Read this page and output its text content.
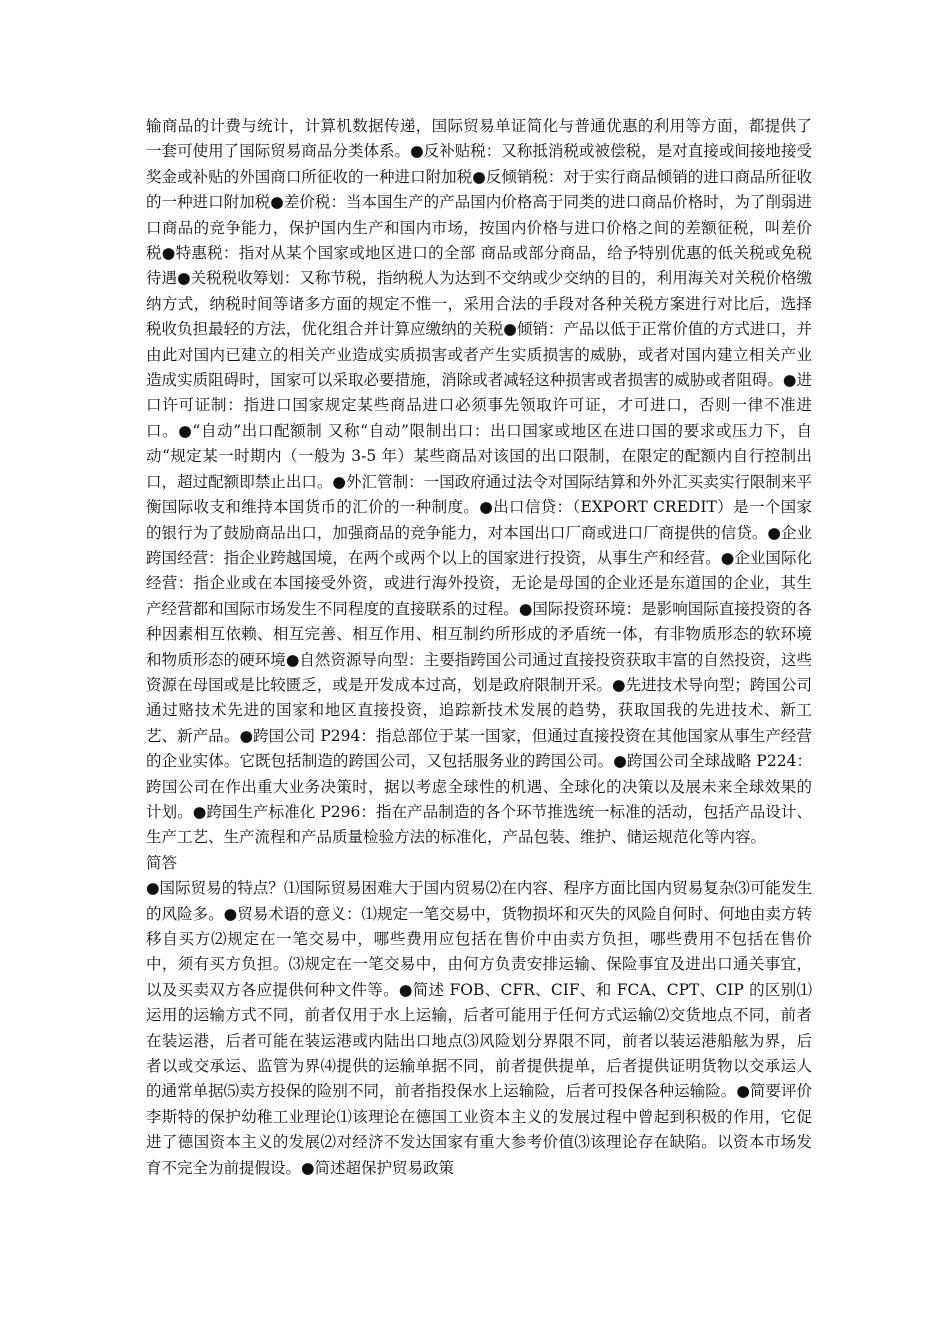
输商品的计费与统计，计算机数据传递，国际贸易单证简化与普通优惠的利用等方面，都提供了一套可使用了国际贸易商品分类体系。●反补贴税：又称抵消税或被偿税，是对直接或间接地接受奖金或补贴的外国商口所征收的一种进口附加税●反倾销税：对于实行商品倾销的进口商品所征收的一种进口附加税●差价税：当本国生产的产品国内价格高于同类的进口商品价格时，为了削弱进口商品的竞争能力，保护国内生产和国内市场，按国内价格与进口价格之间的差额征税，叫差价税●特惠税：指对从某个国家或地区进口的全部 商品或部分商品，给予特别优惠的低关税或免税待遇●关税税收筹划：又称节税，指纳税人为达到不交纳或少交纳的目的，利用海关对关税价格缴纳方式，纳税时间等诸多方面的规定不惟一，采用合法的手段对各种关税方案进行对比后，选择税收负担最轻的方法，优化组合并计算应缴纳的关税●倾销：产品以低于正常价值的方式进口，并由此对国内已建立的相关产业造成实质损害或者产生实质损害的威胁，或者对国内建立相关产业造成实质阻碍时，国家可以采取必要措施，消除或者减轻这种损害或者损害的威胁或者阻碍。●进口许可证制：指进口国家规定某些商品进口必须事先领取许可证，才可进口，否则一律不准进口。●“自动”出口配额制 又称“自动”限制出口：出口国家或地区在进口国的要求或压力下，自动“规定某一时期内（一般为 3-5 年）某些商品对该国的出口限制，在限定的配额内自行控制出口，超过配额即禁止出口。●外汇管制：一国政府通过法令对国际结算和外外汇买卖实行限制来平衡国际收支和维持本国货币的汇价的一种制度。●出口信贷：（EXPORT CREDIT）是一个国家的银行为了鼓励商品出口，加强商品的竞争能力，对本国出口厂商或进口厂商提供的信贷。●企业跨国经营：指企业跨越国境，在两个或两个以上的国家进行投资，从事生产和经营。●企业国际化经营：指企业或在本国接受外资，或进行海外投资，无论是母国的企业还是东道国的企业，其生产经营都和国际市场发生不同程度的直接联系的过程。●国际投资环境：是影响国际直接投资的各种因素相互依赖、相互完善、相互作用、相互制约所形成的矛盾统一体，有非物质形态的软环境和物质形态的硬环境●自然资源导向型：主要指跨国公司通过直接投资获取丰富的自然投资，这些资源在母国或是比较匮乏，或是开发成本过高，划是政府限制开采。●先进技术导向型；跨国公司通过赂技术先进的国家和地区直接投资，追踪新技术发展的趋势，获取国我的先进技术、新工艺、新产品。●跨国公司 P294：指总部位于某一国家，但通过直接投资在其他国家从事生产经营的企业实体。它既包括制造的跨国公司，又包括服务业的跨国公司。●跨国公司全球战略 P224：跨国公司在作出重大业务决策时，据以考虑全球性的机遇、全球化的决策以及展未来全球效果的计划。●跨国生产标准化 P296：指在产品制造的各个环节推选统一标准的活动，包括产品设计、生产工艺、生产流程和产品质量检验方法的标准化，产品包装、维护、储运规范化等内容。

简答

●国际贸易的特点？⑴国际贸易困难大于国内贸易⑵在内容、程序方面比国内贸易复杂⑶可能发生的风险多。●贸易术语的意义：⑴规定一笔交易中，货物损坏和灭失的风险自何时、何地由卖方转移自买方⑵规定在一笔交易中，哪些费用应包括在售价中由卖方负担，哪些费用不包括在售价中，须有买方负担。⑶规定在一笔交易中，由何方负责安排运输、保险事宜及进出口通关事宜，以及买卖双方各应提供何种文件等。●简述 FOB、CFR、CIF、和 FCA、CPT、CIP 的区别⑴运用的运输方式不同，前者仅用于水上运输，后者可能用于任何方式运输⑵交货地点不同，前者在装运港，后者可能在装运港或内陆出口地点⑶风险划分界限不同，前者以装运港船舷为界，后者以或交承运、监管为界⑷提供的运输单据不同，前者提供提单，后者提供证明货物以交承运人的通常单据⑸卖方投保的险别不同，前者指投保水上运输险，后者可投保各种运输险。●简要评价李斯特的保护幼稚工业理论⑴该理论在德国工业资本主义的发展过程中曾起到积极的作用，它促进了德国资本主义的发展⑵对经济不发达国家有重大参考价值⑶该理论存在缺陷。以资本市场发育不完全为前提假设。●简述超保护贸易政策
